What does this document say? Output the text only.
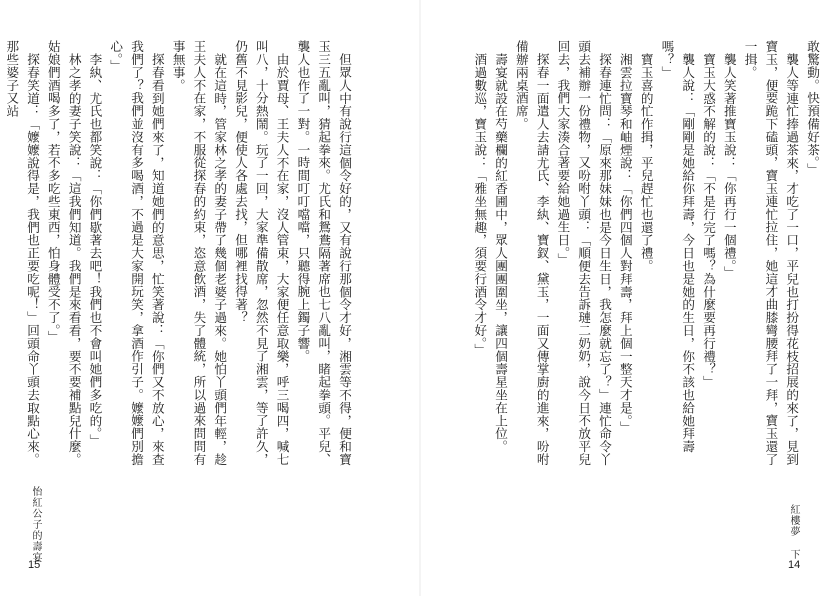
敢驚動。快預備好茶。」

襲人等連忙捧過茶來，才吃了一口，平兒也打扮得花枝招展的來了，見到寶玉，便要跪下磕頭，寶玉連忙拉住，她這才曲膝彎腰拜了一拜，寶玉還了一揖。

襲人笑著推寶玉說：「你再行一個禮。」

寶玉大惑不解的說：「不是行完了嗎？為什麼要再行禮？」

襲人說：「剛剛是她給你拜壽，今日也是她的生日，你不該也給她拜壽嗎？」

寶玉喜的忙作揖，平兒趕忙也還了禮。

湘雲拉寶琴和岫煙說：「你們四個人對拜壽，拜上個一整天才是。」

探春連忙問：「原來那妹妹也是今日生日，我怎麼就忘了？」連忙命令丫頭去補辦一份禮物，又吩咐丫頭：「順便去告訴璉二奶奶，說今日不放平兒回去，我們大家湊合著要給她過生日。」

探春一面遣人去請尤氏、李紈、寶釵、黛玉，一面又傳掌廚的進來，吩咐備辦兩桌酒席。

壽宴就設在芍藥欄的紅香圃中，眾人團團圍坐，讓四個壽星坐在上位。

酒過數巡，寶玉說：「雅坐無趣，須要行酒令才好。」

紅樓夢 下
14

但眾人中有說行這個令好的，又有說行那個令才好，湘雲等不得，便和寶玉三五亂叫，猜起拳來。尤氏和鴛鴦隔著席也七八亂叫，睹起拳頭。平兒、襲人也作了一對。一時間叮叮噹噹，只聽得腕上鐲子響。

由於賈母、王夫人不在家，沒人管束，大家便任意取樂，呼三喝四，喊七叫八，十分熱鬧。玩了一回，大家準備散席，忽然不見了湘雲，等了許久，仍舊不見影兒，便使人各處去找，但哪裡找得著？

就在這時，管家林之孝的妻子帶了幾個老婆子過來。她怕丫頭們年輕，趁王夫人不在家，不服從探春的約束，恣意飲酒，失了體統，所以過來問問有事無事。

探春看到她們來了，知道她們的意思，忙笑著說：「你們又不放心，來查我們了？我們並沒有多喝酒，不過是大家開玩笑，拿酒作引子。嬤嬤們別擔心。」

李紈、尤氏也都笑說：「你們歇著去吧！我們也不會叫她們多吃的。」

林之孝的妻子笑說：「這我們知道。我們是來看看，要不要補點兒什麼。姑娘們酒喝多了，若不多吃些東西，怕身體受不了。」

探春笑道：「嬤嬤說得是，我們也正要吃呢！」回頭命丫頭去取點心來。那些婆子又站

怡紅公子的壽宴
15
